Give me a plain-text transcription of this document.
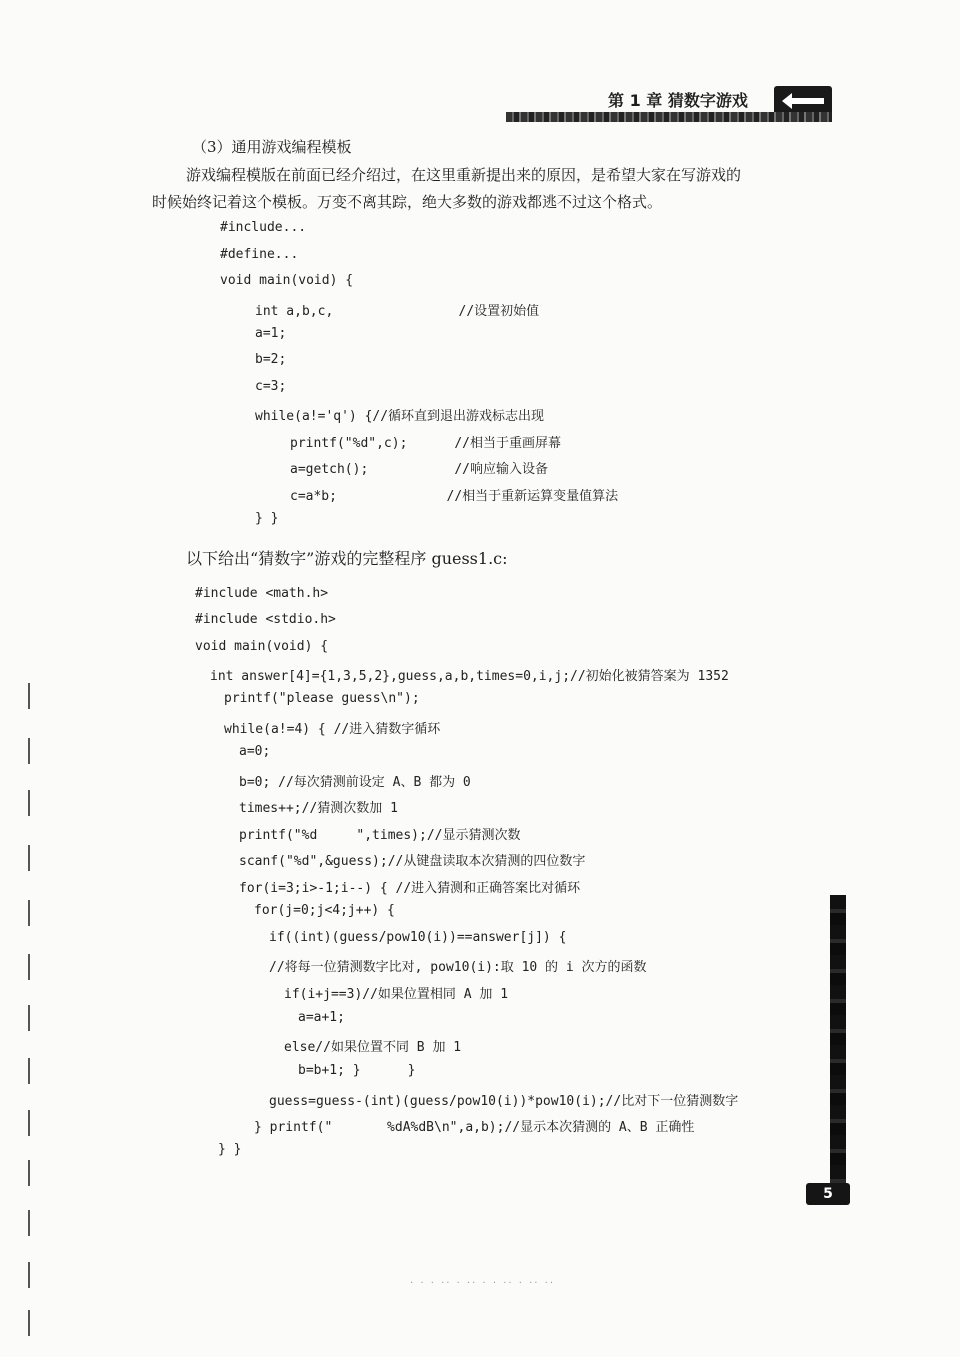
第 1 章 猜数字游戏
（3）通用游戏编程模板
游戏编程模版在前面已经介绍过，在这里重新提出来的原因，是希望大家在写游戏的
时候始终记着这个模板。万变不离其踪，绝大多数的游戏都逃不过这个格式。
#include...
#define...
void main(void) {
int a,b,c,                //设置初始值
a=1;
b=2;
c=3;
while(a!='q') {//循环直到退出游戏标志出现
printf("%d",c);      //相当于重画屏幕
a=getch();           //响应输入设备
c=a*b;              //相当于重新运算变量值算法
} }
以下给出“猜数字”游戏的完整程序 guess1.c:
#include <math.h>
#include <stdio.h>
void main(void) {
int answer[4]={1,3,5,2},guess,a,b,times=0,i,j;//初始化被猜答案为 1352
printf("please guess\n");
while(a!=4) { //进入猜数字循环
a=0;
b=0; //每次猜测前设定 A、B 都为 0
times++;//猜测次数加 1
printf("%d     ",times);//显示猜测次数
scanf("%d",&guess);//从键盘读取本次猜测的四位数字
for(i=3;i>-1;i--) { //进入猜测和正确答案比对循环
for(j=0;j<4;j++) {
if((int)(guess/pow10(i))==answer[j]) {
//将每一位猜测数字比对, pow10(i):取 10 的 i 次方的函数
if(i+j==3)//如果位置相同 A 加 1
a=a+1;
else//如果位置不同 B 加 1
b=b+1; }      }
guess=guess-(int)(guess/pow10(i))*pow10(i);//比对下一位猜测数字
} printf("       %dA%dB\n",a,b);//显示本次猜测的 A、B 正确性
} }
5
· · · ·· · ·· · · ·· · ·· ··
